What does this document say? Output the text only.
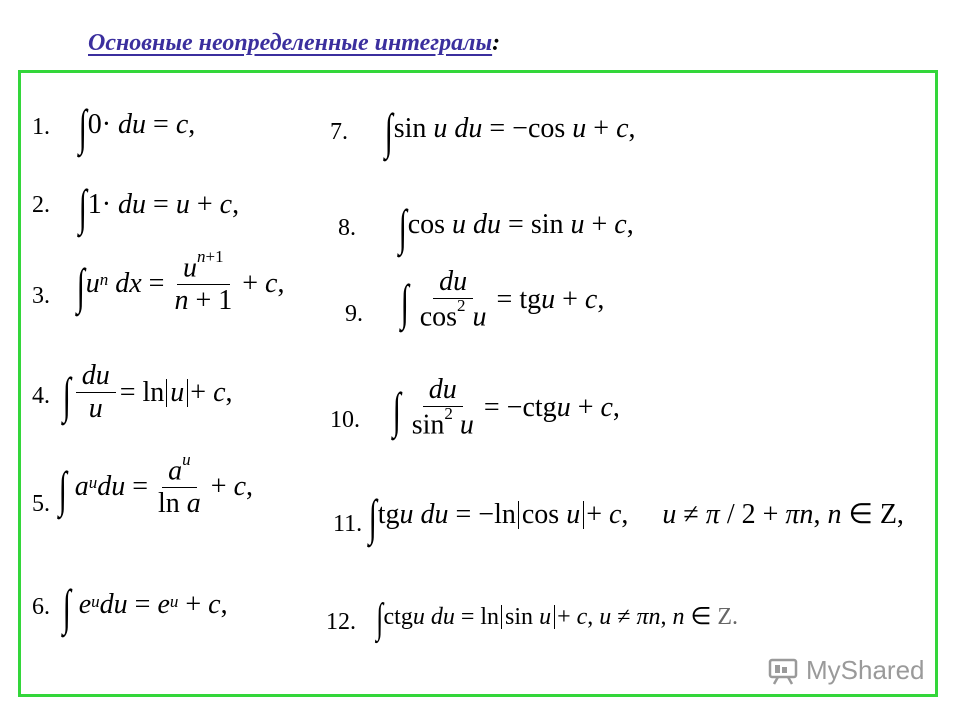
Основные неопределенные интегралы:
1.
2.
3.
4.
5.
6.
7.
8.
9.
10.
11.
12.
∫ 0· du = c ,
∫ 1· du = u + c ,
∫ u $^n$
dx = $\frac{u^{n+1}}{n + 1} + c$ ,
∫ $\frac{du}{u} = \ln u + c$ ,
∫
a $^u$ du = $\frac{a^u}{\text{ln a}} + c$ ,
∫
e $^u$ du = e $^u$ + c ,
∫ sin u
du = −cos u + c ,
∫ cos u
du = sin u + c ,
∫ $\frac{du}{\cos^2 u}$ = tg u + c ,
∫ $\frac{du}{\sin^2 u} = -ctg$ u + c ,
∫ tg u
du = −ln cos u + c , u ≠ π / 2 + πn , n ∈ Z,
∫ ctg u
du = ln sin u + c , u ≠ πn , n ∈ Z.
MyShared
